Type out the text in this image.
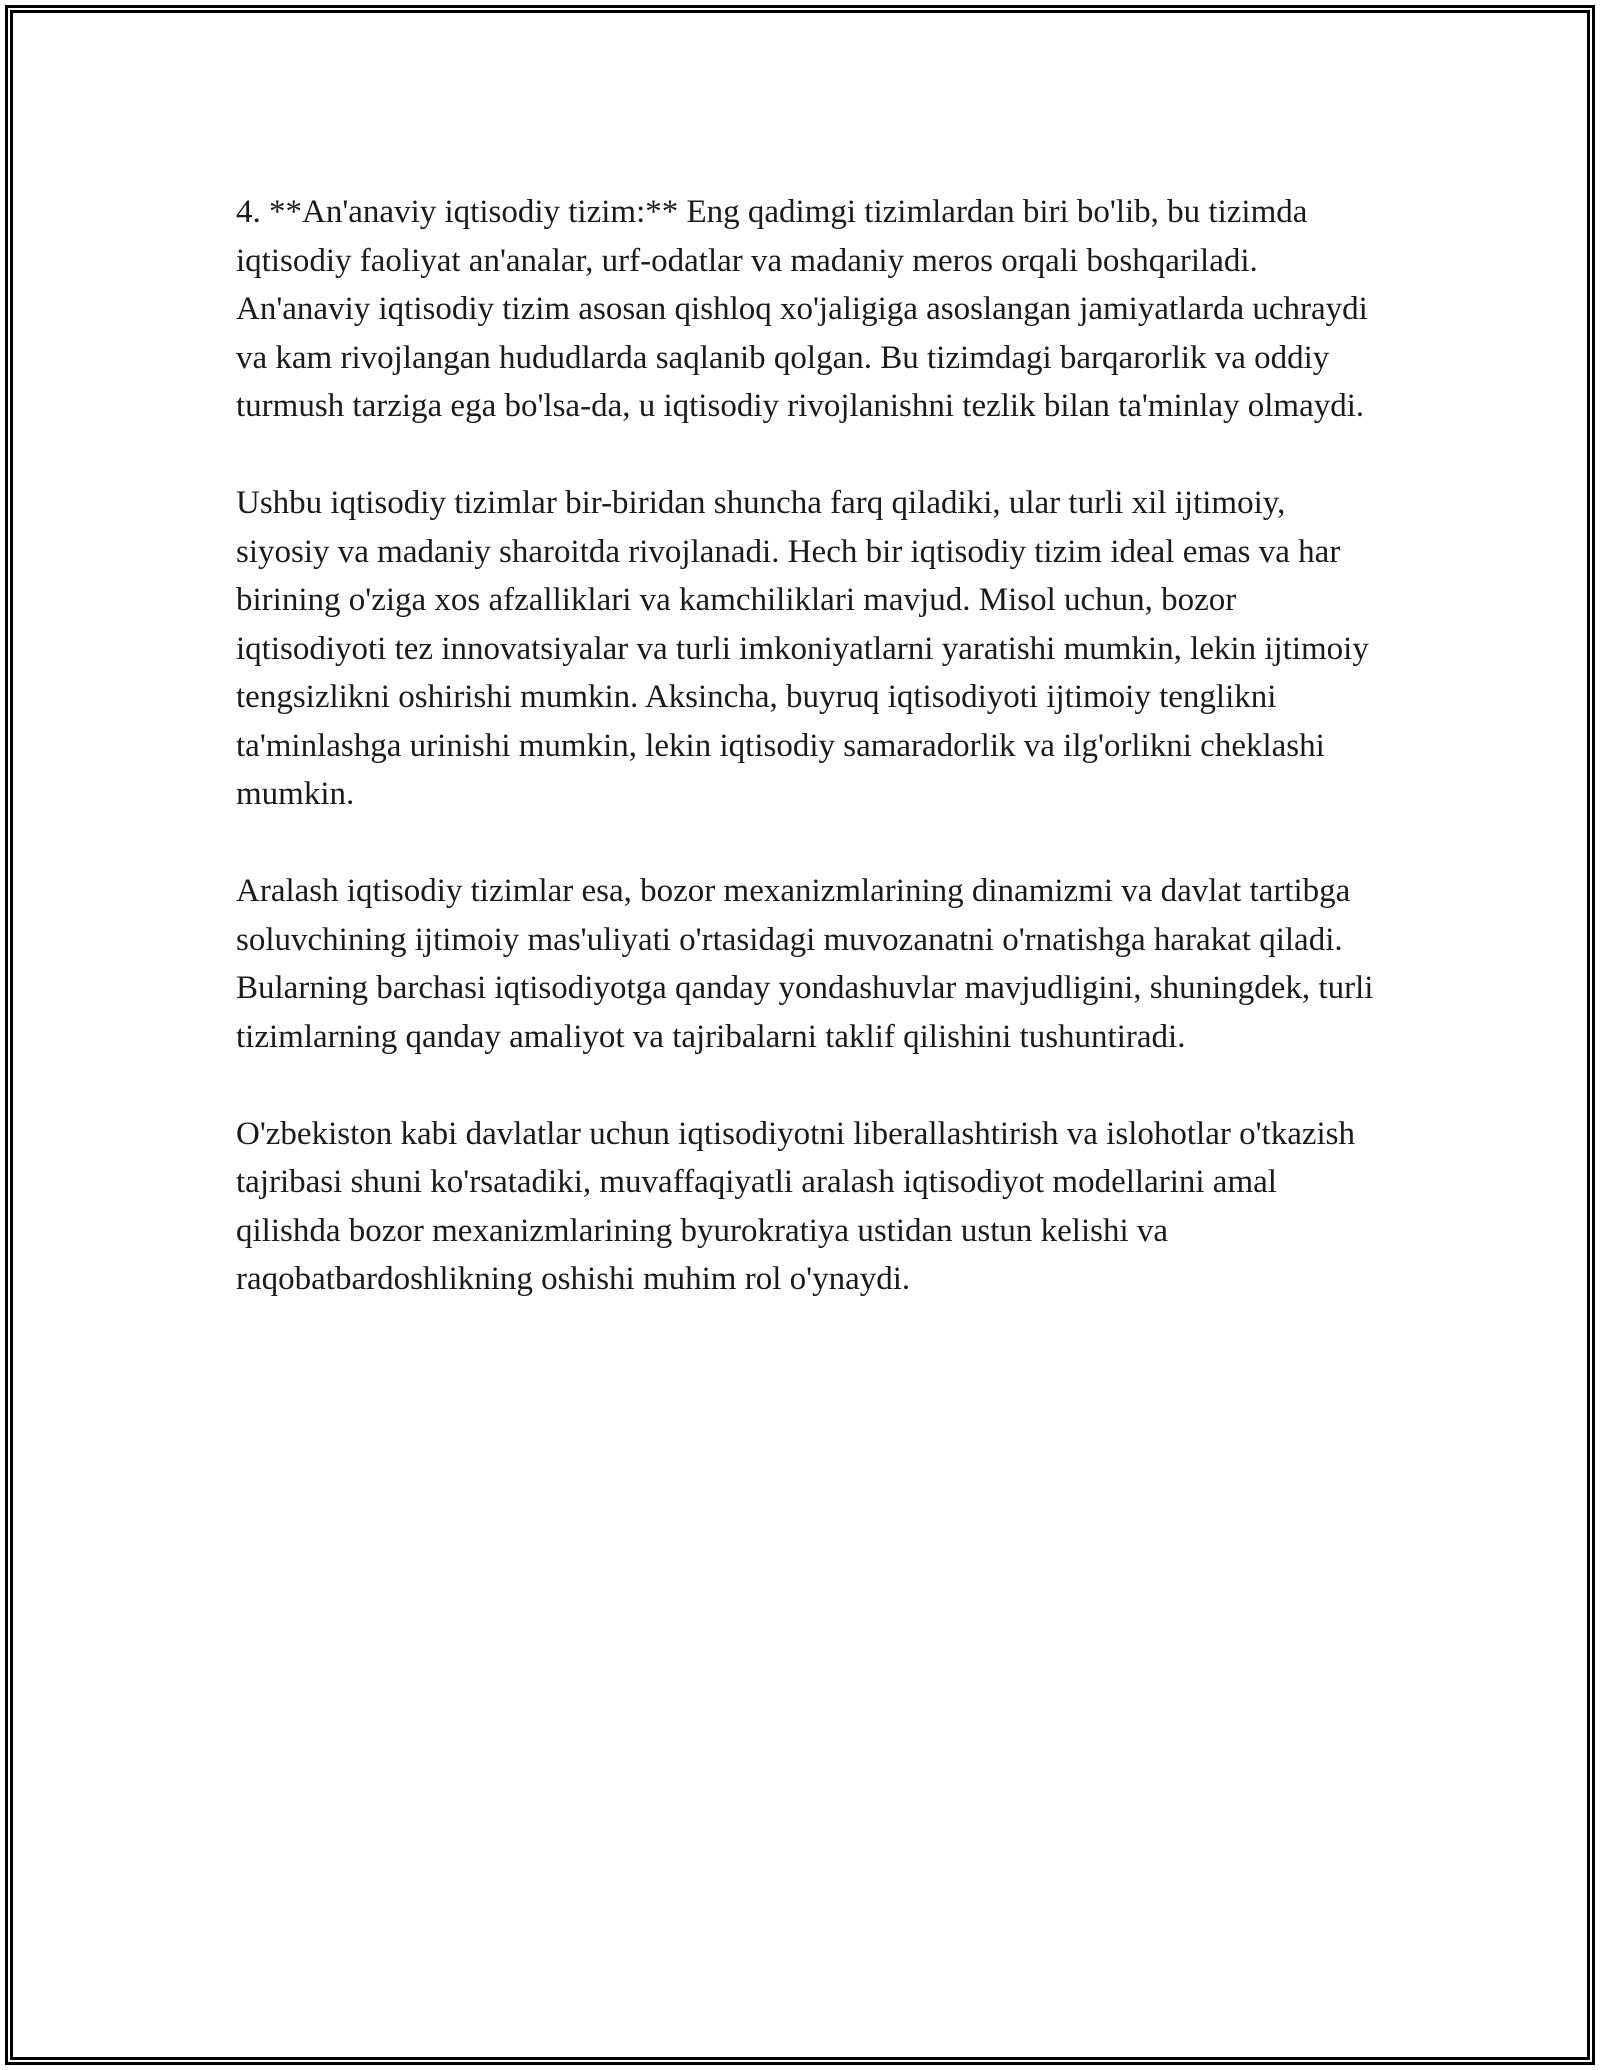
4. **An'anaviy iqtisodiy tizim:** Eng qadimgi tizimlardan biri bo'lib, bu tizimda iqtisodiy faoliyat an'analar, urf-odatlar va madaniy meros orqali boshqariladi. An'anaviy iqtisodiy tizim asosan qishloq xo'jaligiga asoslangan jamiyatlarda uchraydi va kam rivojlangan hududlarda saqlanib qolgan. Bu tizimdagi barqarorlik va oddiy turmush tarziga ega bo'lsa-da, u iqtisodiy rivojlanishni tezlik bilan ta'minlay olmaydi.

Ushbu iqtisodiy tizimlar bir-biridan shuncha farq qiladiki, ular turli xil ijtimoiy, siyosiy va madaniy sharoitda rivojlanadi. Hech bir iqtisodiy tizim ideal emas va har birining o'ziga xos afzalliklari va kamchiliklari mavjud. Misol uchun, bozor iqtisodiyoti tez innovatsiyalar va turli imkoniyatlarni yaratishi mumkin, lekin ijtimoiy tengsizlikni oshirishi mumkin. Aksincha, buyruq iqtisodiyoti ijtimoiy tenglikni ta'minlashga urinishi mumkin, lekin iqtisodiy samaradorlik va ilg'orlikni cheklashi mumkin.

Aralash iqtisodiy tizimlar esa, bozor mexanizmlarining dinamizmi va davlat tartibga soluvchining ijtimoiy mas'uliyati o'rtasidagi muvozanatni o'rnatishga harakat qiladi. Bularning barchasi iqtisodiyotga qanday yondashuvlar mavjudligini, shuningdek, turli tizimlarning qanday amaliyot va tajribalarni taklif qilishini tushuntiradi.

O'zbekiston kabi davlatlar uchun iqtisodiyotni liberallashtirish va islohotlar o'tkazish tajribasi shuni ko'rsatadiki, muvaffaqiyatli aralash iqtisodiyot modellarini amal qilishda bozor mexanizmlarining byurokratiya ustidan ustun kelishi va raqobatbardoshlikning oshishi muhim rol o'ynaydi.
